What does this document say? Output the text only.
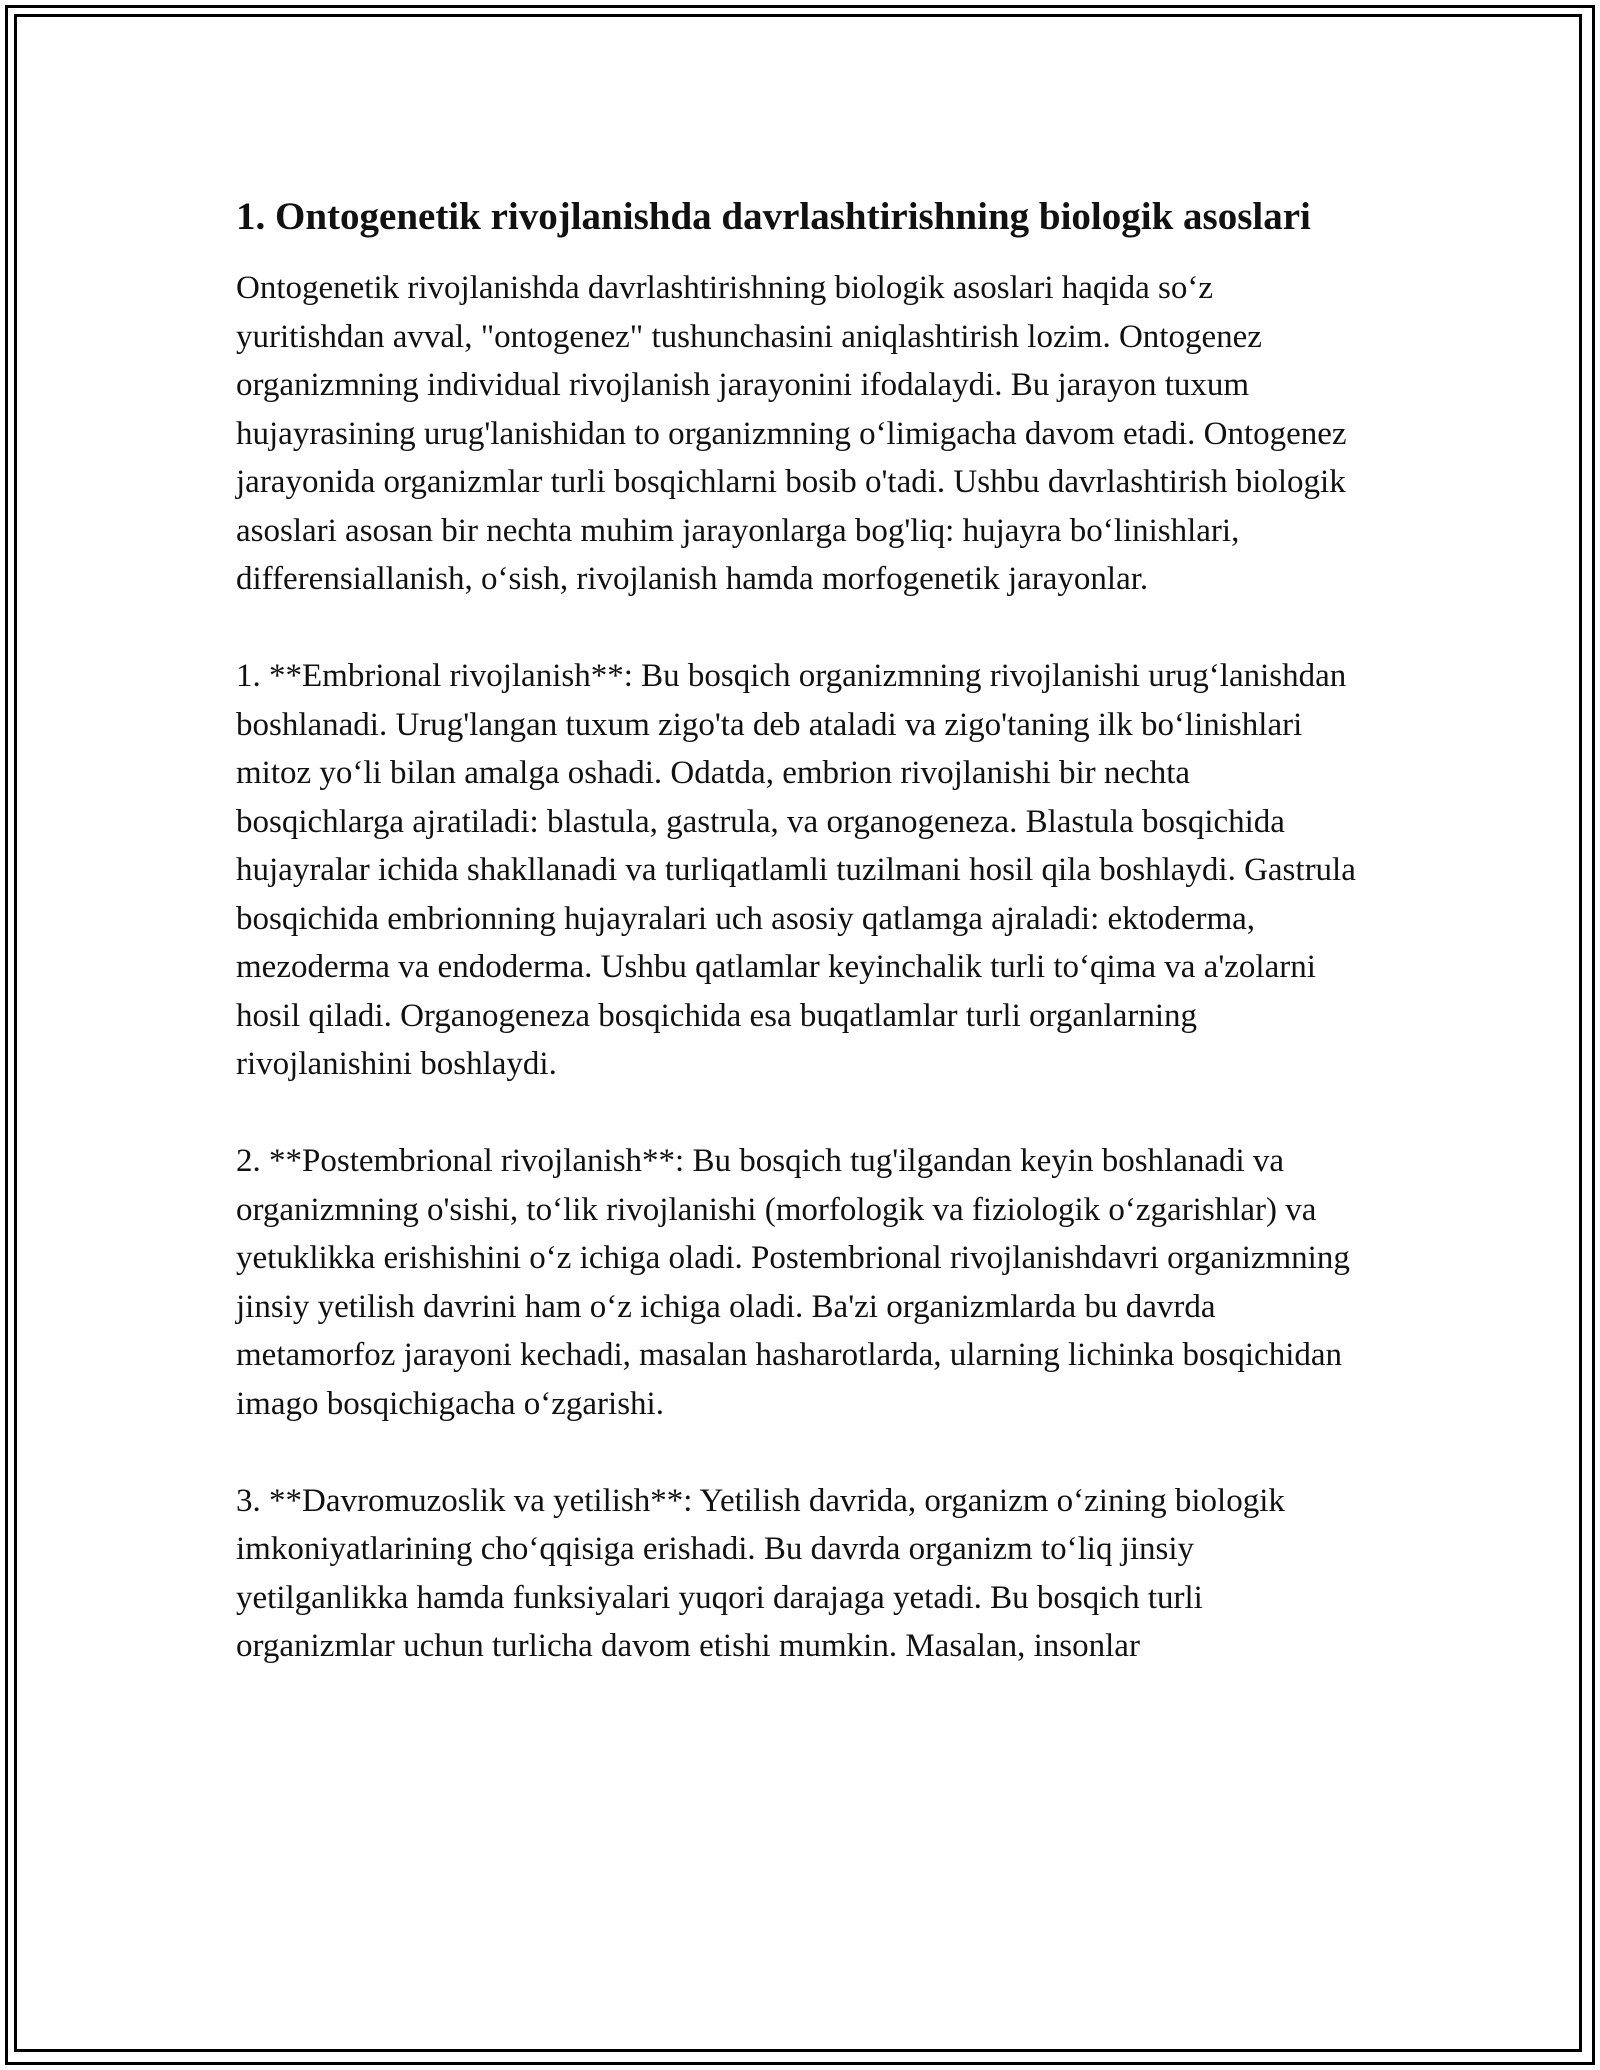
1. Ontogenetik rivojlanishda davrlashtirishning biologik asoslari
Ontogenetik rivojlanishda davrlashtirishning biologik asoslari haqida so‘z yuritishdan avval, "ontogenez" tushunchasini aniqlashtirish lozim. Ontogenez organizmning individual rivojlanish jarayonini ifodalaydi. Bu jarayon tuxum hujayrasining urug'lanishidan to organizmning o‘limigacha davom etadi. Ontogenez jarayonida organizmlar turli bosqichlarni bosib o'tadi. Ushbu davrlashtirish biologik asoslari asosan bir nechta muhim jarayonlarga bog'liq: hujayra bo‘linishlari, differensiallanish, o‘sish, rivojlanish hamda morfogenetik jarayonlar.
1. **Embrional rivojlanish**: Bu bosqich organizmning rivojlanishi urug‘lanishdan boshlanadi. Urug'langan tuxum zigo'ta deb ataladi va zigo'taning ilk bo‘linishlari mitoz yo‘li bilan amalga oshadi. Odatda, embrion rivojlanishi bir nechta bosqichlarga ajratiladi: blastula, gastrula, va organogeneza. Blastula bosqichida hujayralar ichida shakllanadi va turliqatlamli tuzilmani hosil qila boshlaydi. Gastrula bosqichida embrionning hujayralari uch asosiy qatlamga ajraladi: ektoderma, mezoderma va endoderma. Ushbu qatlamlar keyinchalik turli to‘qima va a'zolarni hosil qiladi. Organogeneza bosqichida esa buqatlamlar turli organlarning rivojlanishini boshlaydi.
2. **Postembrional rivojlanish**: Bu bosqich tug'ilgandan keyin boshlanadi va organizmning o'sishi, to‘lik rivojlanishi (morfologik va fiziologik o‘zgarishlar) va yetuklikka erishishini o‘z ichiga oladi. Postembrional rivojlanishdavri organizmning jinsiy yetilish davrini ham o‘z ichiga oladi. Ba'zi organizmlarda bu davrda metamorfoz jarayoni kechadi, masalan hasharotlarda, ularning lichinka bosqichidan imago bosqichigacha o‘zgarishi.
3. **Davromuzoslik va yetilish**: Yetilish davrida, organizm o‘zining biologik imkoniyatlarining cho‘qqisiga erishadi. Bu davrda organizm to‘liq jinsiy yetilganlikka hamda funksiyalari yuqori darajaga yetadi. Bu bosqich turli organizmlar uchun turlicha davom etishi mumkin. Masalan, insonlar
